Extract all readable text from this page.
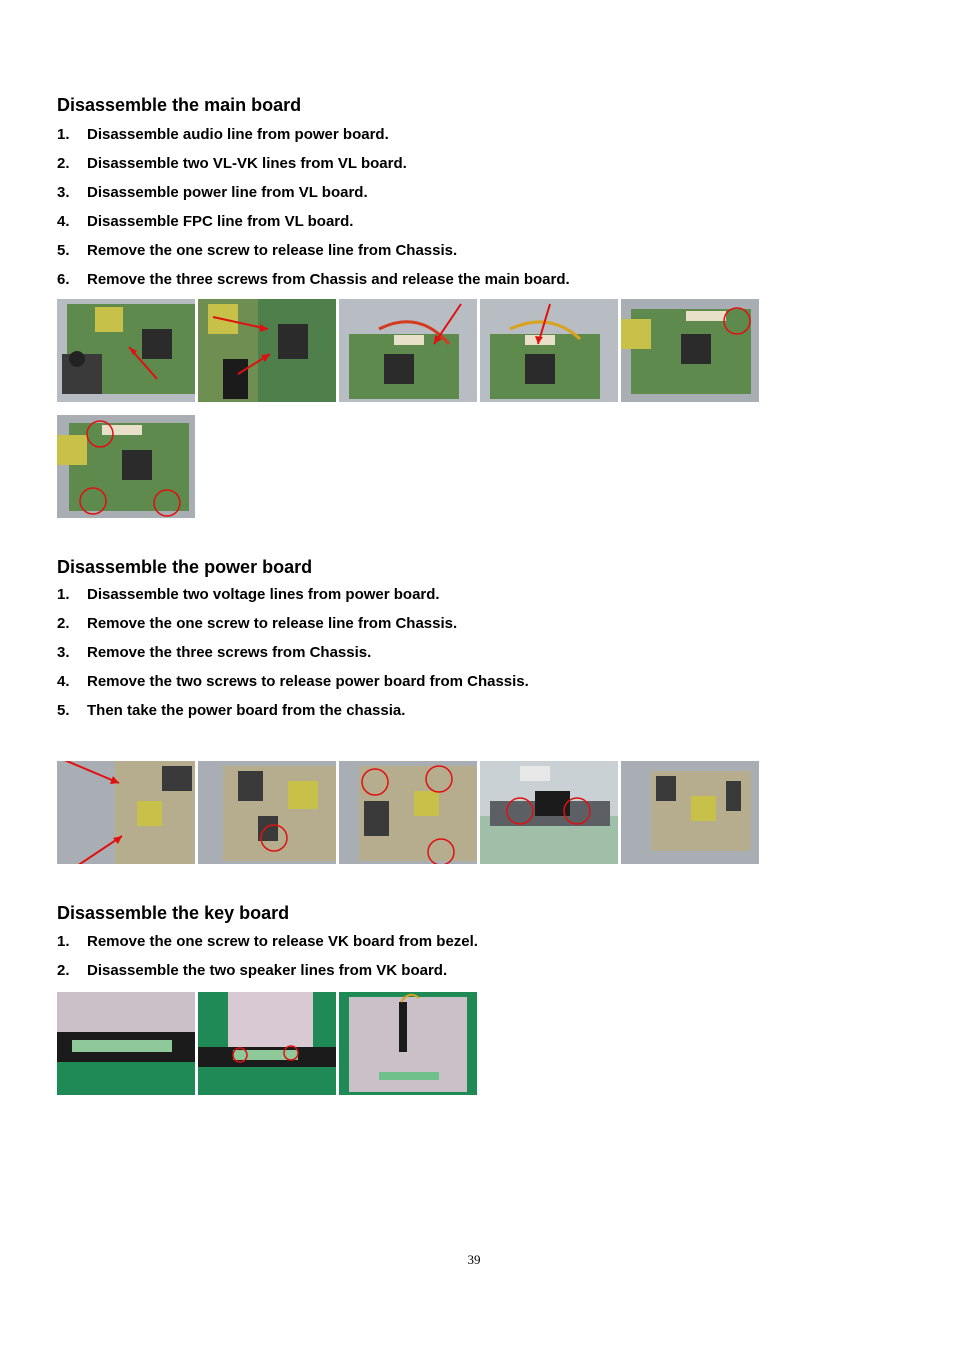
Disassemble the main board
1. Disassemble audio line from power board.
2. Disassemble two VL-VK lines from VL board.
3. Disassemble power line from VL board.
4. Disassemble FPC line from VL board.
5. Remove the one screw to release line from Chassis.
6. Remove the three screws from Chassis and release the main board.
Disassemble the power board
1. Disassemble two voltage lines from power board.
2. Remove the one screw to release line from Chassis.
3. Remove the three screws from Chassis.
4. Remove the two screws to release power board from Chassis.
5. Then take the power board from the chassia.
Disassemble the key board
1. Remove the one screw to release VK board from bezel.
2. Disassemble the two speaker lines from VK board.
39
